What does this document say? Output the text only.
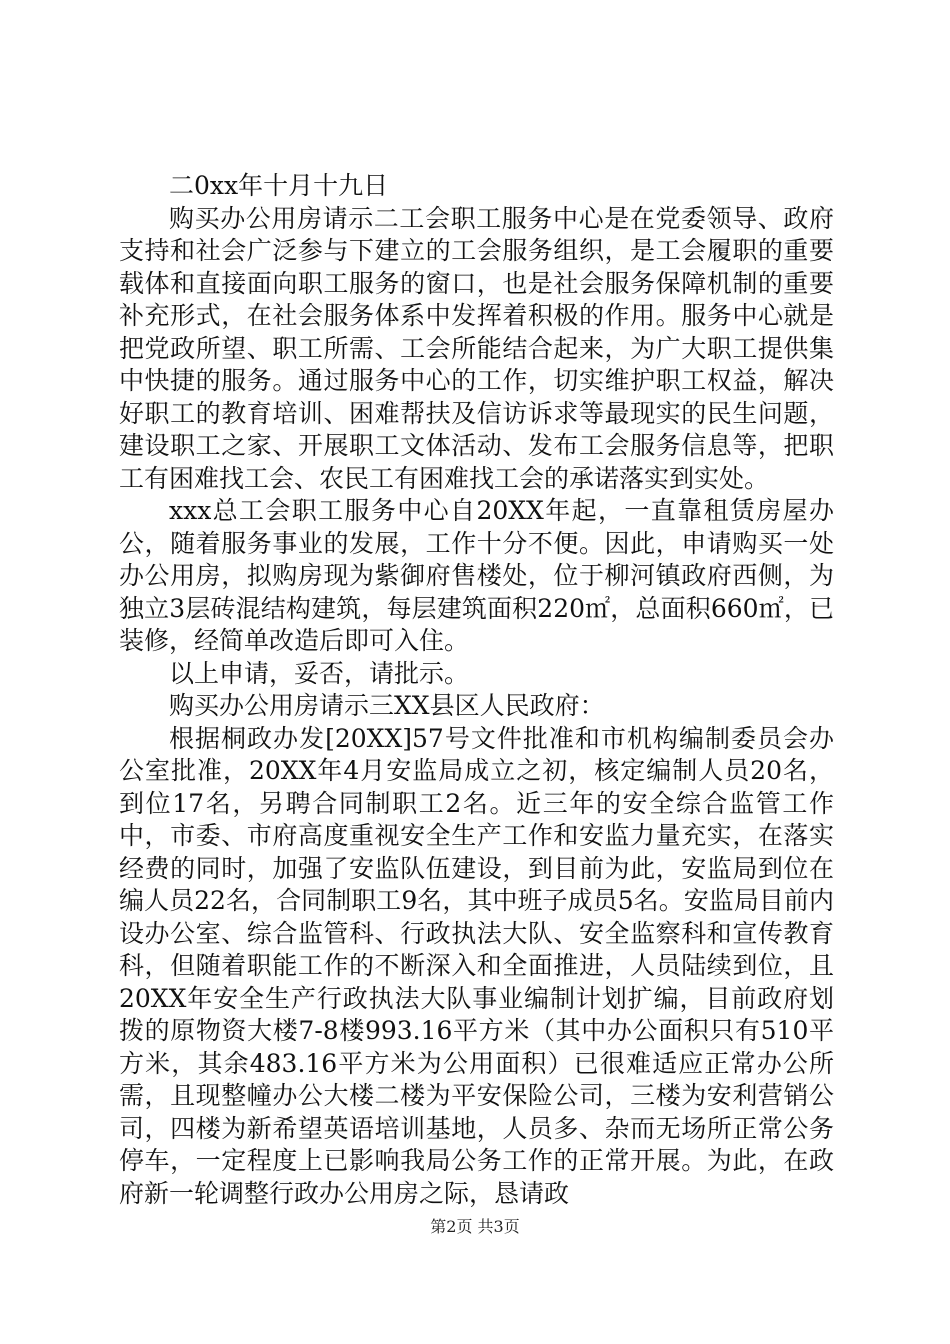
二0xx年十月十九日

购买办公用房请示二工会职工服务中心是在党委领导、政府支持和社会广泛参与下建立的工会服务组织，是工会履职的重要载体和直接面向职工服务的窗口，也是社会服务保障机制的重要补充形式，在社会服务体系中发挥着积极的作用。服务中心就是把党政所望、职工所需、工会所能结合起来，为广大职工提供集中快捷的服务。通过服务中心的工作，切实维护职工权益，解决好职工的教育培训、困难帮扶及信访诉求等最现实的民生问题，建设职工之家、开展职工文体活动、发布工会服务信息等，把职工有困难找工会、农民工有困难找工会的承诺落实到实处。

xxx总工会职工服务中心自20XX年起，一直靠租赁房屋办公，随着服务事业的发展，工作十分不便。因此，申请购买一处办公用房，拟购房现为紫御府售楼处，位于柳河镇政府西侧，为独立3层砖混结构建筑，每层建筑面积220㎡，总面积660㎡，已装修，经简单改造后即可入住。

以上申请，妥否，请批示。

购买办公用房请示三XX县区人民政府：

根据桐政办发[20XX]57号文件批准和市机构编制委员会办公室批准，20XX年4月安监局成立之初，核定编制人员20名，到位17名，另聘合同制职工2名。近三年的安全综合监管工作中，市委、市府高度重视安全生产工作和安监力量充实，在落实经费的同时，加强了安监队伍建设，到目前为此，安监局到位在编人员22名，合同制职工9名，其中班子成员5名。安监局目前内设办公室、综合监管科、行政执法大队、安全监察科和宣传教育科，但随着职能工作的不断深入和全面推进，人员陆续到位，且20XX年安全生产行政执法大队事业编制计划扩编，目前政府划拨的原物资大楼7-8楼993.16平方米（其中办公面积只有510平方米，其余483.16平方米为公用面积）已很难适应正常办公所需，且现整幢办公大楼二楼为平安保险公司，三楼为安利营销公司，四楼为新希望英语培训基地，人员多、杂而无场所正常公务停车，一定程度上已影响我局公务工作的正常开展。为此，在政府新一轮调整行政办公用房之际，恳请政

第2页 共3页
